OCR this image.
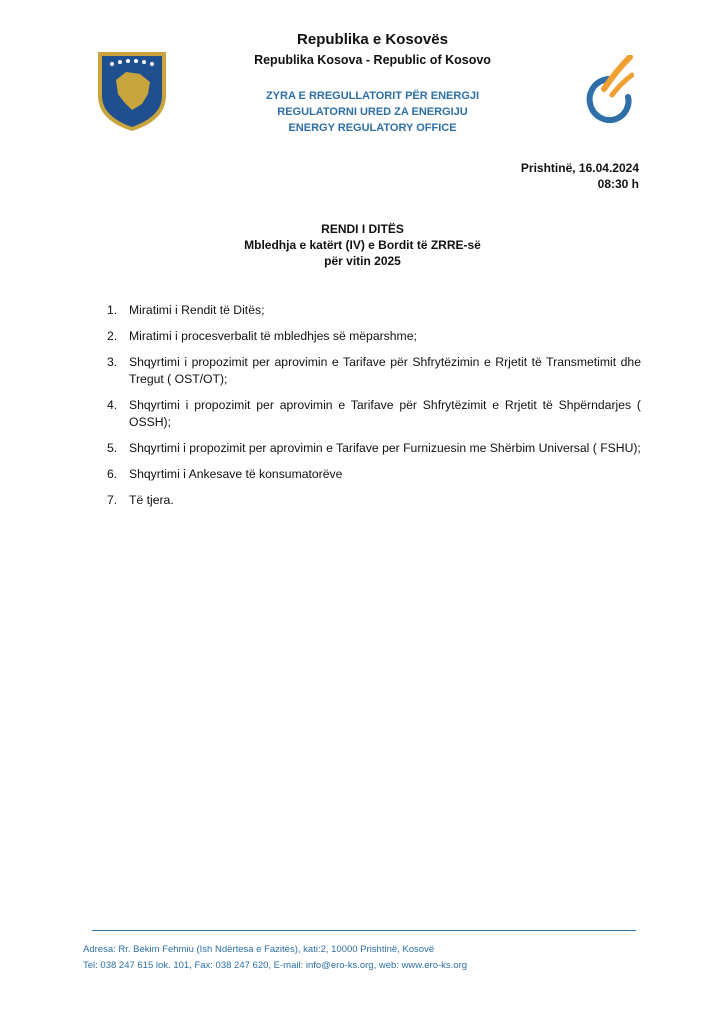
Republika e Kosovës
Republika Kosova - Republic of Kosovo
ZYRA E RREGULLATORIT PËR ENERGJI
REGULATORNI URED ZA ENERGIJU
ENERGY REGULATORY OFFICE
Prishtinë, 16.04.2024
08:30 h
RENDI I DITËS
Mbledhja e katërt (IV) e Bordit të ZRRE-së
për vitin 2025
1. Miratimi i Rendit të Ditës;
2. Miratimi i procesverbalit të mbledhjes së mëparshme;
3. Shqyrtimi i propozimit per aprovimin e Tarifave për Shfrytëzimin e Rrjetit të Transmetimit dhe Tregut ( OST/OT);
4. Shqyrtimi i propozimit per aprovimin e Tarifave për Shfrytëzimit e Rrjetit të Shpërndarjes ( OSSH);
5. Shqyrtimi i propozimit per aprovimin e Tarifave per Furnizuesin me Shërbim Universal ( FSHU);
6. Shqyrtimi i Ankesave të konsumatorëve
7. Të tjera.
Adresa: Rr. Bekim Fehmiu (Ish Ndërtesa e Fazitës), kati:2, 10000 Prishtinë, Kosovë
Tel: 038 247 615 lok. 101, Fax: 038 247 620, E-mail: info@ero-ks.org, web: www.ero-ks.org
